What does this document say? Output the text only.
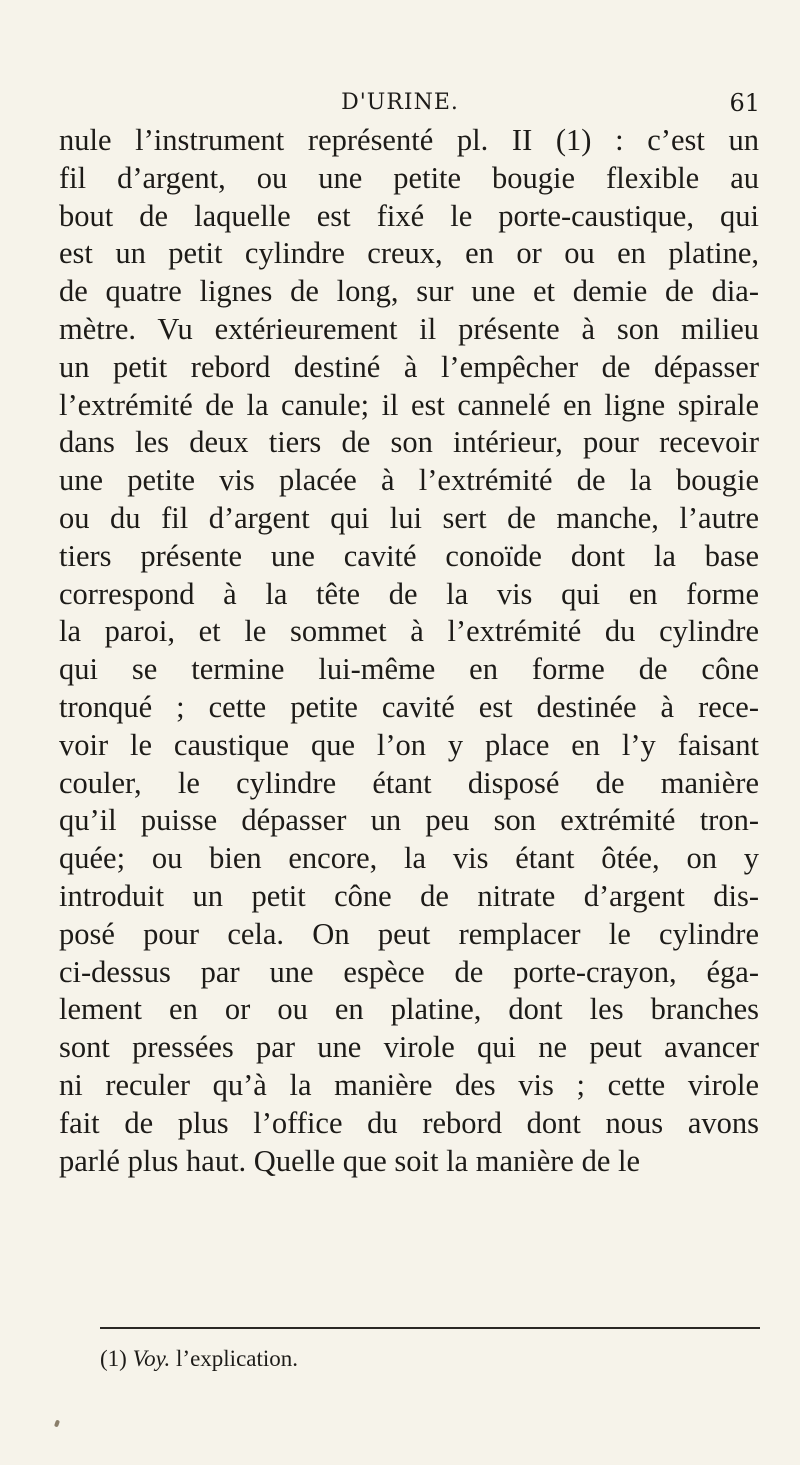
D'URINE.	61
nule l’instrument représenté pl. II (1) : c’est un
fil d’argent, ou une petite bougie flexible au
bout de laquelle est fixé le porte-caustique, qui
est un petit cylindre creux, en or ou en platine,
de quatre lignes de long, sur une et demie de dia-
mètre. Vu extérieurement il présente à son milieu
un petit rebord destiné à l’empêcher de dépasser
l’extrémité de la canule; il est cannelé en ligne spirale
dans les deux tiers de son intérieur, pour recevoir
une petite vis placée à l’extrémité de la bougie
ou du fil d’argent qui lui sert de manche, l’autre
tiers présente une cavité conoïde dont la base
correspond à la tête de la vis qui en forme
la paroi, et le sommet à l’extrémité du cylindre
qui se termine lui-même en forme de cône
tronqué ; cette petite cavité est destinée à rece-
voir le caustique que l’on y place en l’y faisant
couler, le cylindre étant disposé de manière
qu’il puisse dépasser un peu son extrémité tron-
quée; ou bien encore, la vis étant ôtée, on y
introduit un petit cône de nitrate d’argent dis-
posé pour cela. On peut remplacer le cylindre
ci-dessus par une espèce de porte-crayon, éga-
lement en or ou en platine, dont les branches
sont pressées par une virole qui ne peut avancer
ni reculer qu’à la manière des vis ; cette virole
fait de plus l’office du rebord dont nous avons
parlé plus haut. Quelle que soit la manière de le
(1) Voy. l’explication.
